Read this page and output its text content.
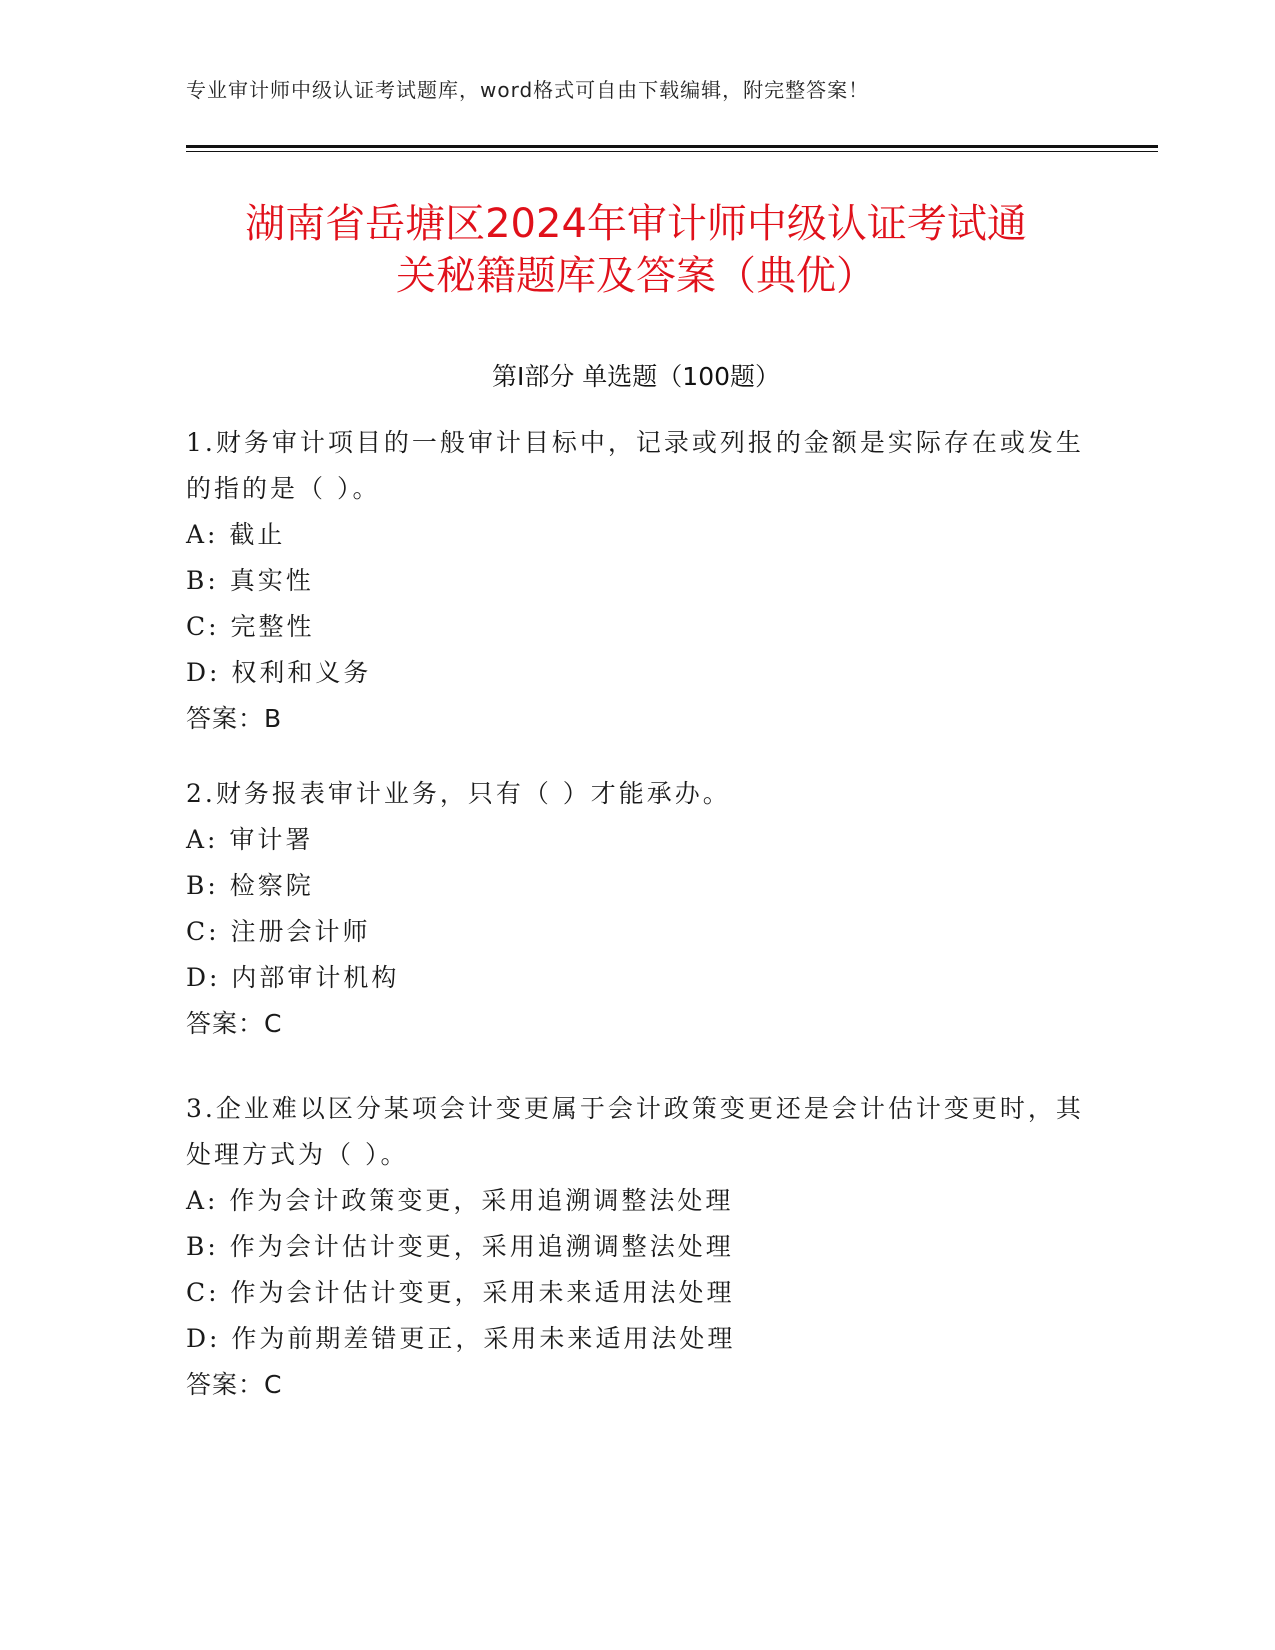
专业审计师中级认证考试题库，word格式可自由下载编辑，附完整答案！
湖南省岳塘区2024年审计师中级认证考试通
关秘籍题库及答案（典优）
第Ⅰ部分 单选题（100题）

1.财务审计项目的一般审计目标中，记录或列报的金额是实际存在或发生的指的是（ ）。

A: 截止

B: 真实性

C: 完整性

D: 权利和义务

答案：B

2.财务报表审计业务，只有（ ）才能承办。

A: 审计署

B: 检察院

C: 注册会计师

D: 内部审计机构

答案：C

3.企业难以区分某项会计变更属于会计政策变更还是会计估计变更时，其处理方式为（ ）。

A: 作为会计政策变更，采用追溯调整法处理

B: 作为会计估计变更，采用追溯调整法处理

C: 作为会计估计变更，采用未来适用法处理

D: 作为前期差错更正，采用未来适用法处理

答案：C
